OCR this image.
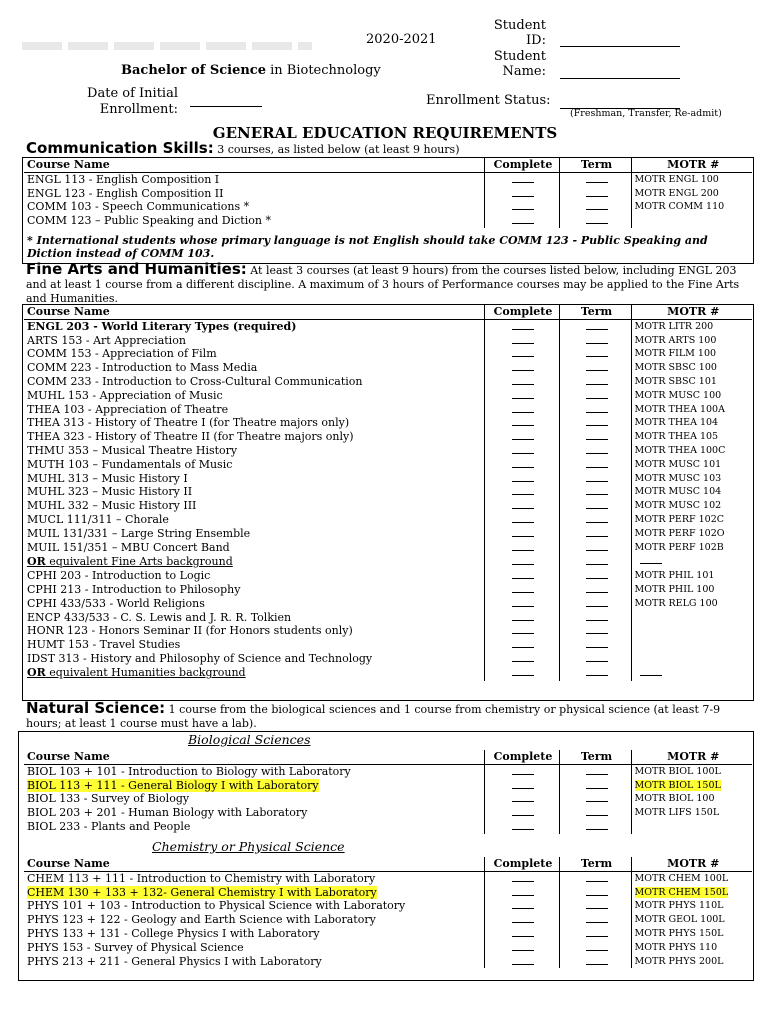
2020-2021
Bachelor of Science in Biotechnology
Student ID:
Student Name:
Date of Initial
Enrollment:
Enrollment Status:
(Freshman, Transfer, Re-admit)
GENERAL EDUCATION REQUIREMENTS
Communication Skills: 3 courses, as listed below (at least 9 hours)
Course Name	Complete	Term	MOTR #
ENGL 113 - English Composition I			MOTR ENGL 100
ENGL 123 - English Composition II			MOTR ENGL 200
COMM 103 - Speech Communications *			MOTR COMM 110
COMM 123 – Public Speaking and Diction *			
* International students whose primary language is not English should take COMM 123 - Public Speaking and Diction instead of COMM 103.
Fine Arts and Humanities: At least 3 courses (at least 9 hours) from the courses listed below, including ENGL 203 and at least 1 course from a different discipline. A maximum of 3 hours of Performance courses may be applied to the Fine Arts and Humanities.
Course Name	Complete	Term	MOTR #
ENGL 203 - World Literary Types (required)			MOTR LITR 200
ARTS 153 - Art Appreciation			MOTR ARTS 100
COMM 153 - Appreciation of Film			MOTR FILM 100
COMM 223 - Introduction to Mass Media			MOTR SBSC 100
COMM 233 - Introduction to Cross-Cultural Communication			MOTR SBSC 101
MUHL 153 - Appreciation of Music			MOTR MUSC 100
THEA 103 - Appreciation of Theatre			MOTR THEA 100A
THEA 313 - History of Theatre I (for Theatre majors only)			MOTR THEA 104
THEA 323 - History of Theatre II (for Theatre majors only)			MOTR THEA 105
THMU 353 – Musical Theatre History			MOTR THEA 100C
MUTH 103 – Fundamentals of Music			MOTR MUSC 101
MUHL 313 – Music History I			MOTR MUSC 103
MUHL 323 – Music History II			MOTR MUSC 104
MUHL 332 – Music History III			MOTR MUSC 102
MUCL 111/311 – Chorale			MOTR PERF 102C
MUIL 131/331 – Large String Ensemble			MOTR PERF 102O
MUIL 151/351 – MBU Concert Band			MOTR PERF 102B
OR equivalent Fine Arts background			
CPHI 203 - Introduction to Logic			MOTR PHIL 101
CPHI 213 - Introduction to Philosophy			MOTR PHIL 100
CPHI 433/533 - World Religions			MOTR RELG 100
ENCP 433/533 - C. S. Lewis and J. R. R. Tolkien			
HONR 123 - Honors Seminar II (for Honors students only)			
HUMT 153 - Travel Studies			
IDST 313 - History and Philosophy of Science and Technology			
OR equivalent Humanities background			
Natural Science: 1 course from the biological sciences and 1 course from chemistry or physical science (at least 7-9 hours; at least 1 course must have a lab).
Biological Sciences
Course Name	Complete	Term	MOTR #
BIOL 103 + 101 - Introduction to Biology with Laboratory			MOTR BIOL 100L
BIOL 113 + 111 - General Biology I with Laboratory			MOTR BIOL 150L
BIOL 133 - Survey of Biology			MOTR BIOL 100
BIOL 203 + 201 - Human Biology with Laboratory			MOTR LIFS 150L
BIOL 233 - Plants and People			
Chemistry or Physical Science
Course Name	Complete	Term	MOTR #
CHEM 113 + 111 - Introduction to Chemistry with Laboratory			MOTR CHEM 100L
CHEM 130 + 133 + 132- General Chemistry I with Laboratory			MOTR CHEM 150L
PHYS 101 + 103 - Introduction to Physical Science with Laboratory			MOTR PHYS 110L
PHYS 123 + 122 - Geology and Earth Science with Laboratory			MOTR GEOL 100L
PHYS 133 + 131 - College Physics I with Laboratory			MOTR PHYS 150L
PHYS 153 - Survey of Physical Science			MOTR PHYS 110
PHYS 213 + 211 - General Physics I with Laboratory			MOTR PHYS 200L
